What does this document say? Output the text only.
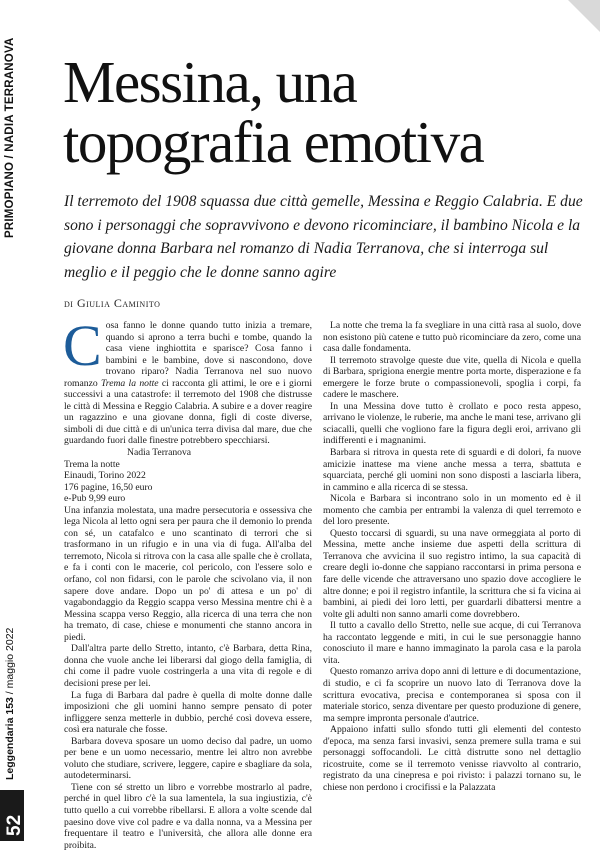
PRIMOPIANO / NADIA TERRANOVA
Leggendaria 153 / maggio 2022
52
Messina, una topografia emotiva

Il terremoto del 1908 squassa due città gemelle, Messina e Reggio Calabria. E due sono i personaggi che sopravvivono e devono ricominciare, il bambino Nicola e la giovane donna Barbara nel romanzo di Nadia Terranova, che si interroga sul meglio e il peggio che le donne sanno agire

di Giulia Caminito

Cosa fanno le donne quando tutto inizia a tremare, quando si aprono a terra buchi e tombe, quando la casa viene inghiottita e sparisce? Cosa fanno i bambini e le bambine, dove si nascondono, dove trovano riparo? Nadia Terranova nel suo nuovo romanzo Trema la notte ci racconta gli attimi, le ore e i giorni successivi a una catastrofe: il terremoto del 1908 che distrusse le città di Messina e Reggio Calabria. A subire e a dover reagire un ragazzino e una giovane donna, figli di coste diverse, simboli di due città e di un'unica terra divisa dal mare, due che guardando fuori dalle finestre potrebbero specchiarsi.

Nadia Terranova
Trema la notte
Einaudi, Torino 2022
176 pagine, 16,50 euro
e-Pub 9,99 euro
Una infanzia molestata, una madre persecutoria e ossessiva che lega Nicola al letto ogni sera per paura che il demonio lo prenda con sé, un catafalco e uno scantinato di terrori che si trasformano in un rifugio e in una via di fuga. All'alba del terremoto, Nicola si ritrova con la casa alle spalle che è crollata, e fa i conti con le macerie, col pericolo, con l'essere solo e orfano, col non fidarsi, con le parole che scivolano via, il non sapere dove andare. Dopo un po' di attesa e un po' di vagabondaggio da Reggio scappa verso Messina mentre chi è a Messina scappa verso Reggio, alla ricerca di una terra che non ha tremato, di case, chiese e monumenti che stanno ancora in piedi.

Dall'altra parte dello Stretto, intanto, c'è Barbara, detta Rina, donna che vuole anche lei liberarsi dal giogo della famiglia, di chi come il padre vuole costringerla a una vita di regole e di decisioni prese per lei.

La fuga di Barbara dal padre è quella di molte donne dalle imposizioni che gli uomini hanno sempre pensato di poter infliggere senza metterle in dubbio, perché così doveva essere, così era naturale che fosse.

Barbara doveva sposare un uomo deciso dal padre, un uomo per bene e un uomo necessario, mentre lei altro non avrebbe voluto che studiare, scrivere, leggere, capire e sbagliare da sola, autodeterminarsi.

Tiene con sé stretto un libro e vorrebbe mostrarlo al padre, perché in quel libro c'è la sua lamentela, la sua ingiustizia, c'è tutto quello a cui vorrebbe ribellarsi. E allora a volte scende dal paesino dove vive col padre e va dalla nonna, va a Messina per frequentare il teatro e l'università, che allora alle donne era proibita.

La notte che trema la fa svegliare in una città rasa al suolo, dove non esistono più catene e tutto può ricominciare da zero, come una casa dalle fondamenta.

Il terremoto stravolge queste due vite, quella di Nicola e quella di Barbara, sprigiona energie mentre porta morte, disperazione e fa emergere le forze brute o compassionevoli, spoglia i corpi, fa cadere le maschere.

In una Messina dove tutto è crollato e poco resta appeso, arrivano le violenze, le ruberie, ma anche le mani tese, arrivano gli sciacalli, quelli che vogliono fare la figura degli eroi, arrivano gli indifferenti e i magnanimi.

Barbara si ritrova in questa rete di sguardi e di dolori, fa nuove amicizie inattese ma viene anche messa a terra, sbattuta e squarciata, perché gli uomini non sono disposti a lasciarla libera, in cammino e alla ricerca di se stessa.

Nicola e Barbara si incontrano solo in un momento ed è il momento che cambia per entrambi la valenza di quel terremoto e del loro presente.

Questo toccarsi di sguardi, su una nave ormeggiata al porto di Messina, mette anche insieme due aspetti della scrittura di Terranova che avvicina il suo registro intimo, la sua capacità di creare degli io-donne che sappiano raccontarsi in prima persona e fare delle vicende che attraversano uno spazio dove accogliere le altre donne; e poi il registro infantile, la scrittura che si fa vicina ai bambini, ai piedi dei loro letti, per guardarli dibattersi mentre a volte gli adulti non sanno amarli come dovrebbero.

Il tutto a cavallo dello Stretto, nelle sue acque, di cui Terranova ha raccontato leggende e miti, in cui le sue personaggie hanno conosciuto il mare e hanno immaginato la parola casa e la parola vita.

Questo romanzo arriva dopo anni di letture e di documentazione, di studio, e ci fa scoprire un nuovo lato di Terranova dove la scrittura evocativa, precisa e contemporanea si sposa con il materiale storico, senza diventare per questo produzione di genere, ma sempre impronta personale d'autrice.

Appaiono infatti sullo sfondo tutti gli elementi del contesto d'epoca, ma senza farsi invasivi, senza premere sulla trama e sui personaggi soffocandoli. Le città distrutte sono nel dettaglio ricostruite, come se il terremoto venisse riavvolto al contrario, registrato da una cinepresa e poi rivisto: i palazzi tornano su, le chiese non perdono i crocifissi e la Palazzata
